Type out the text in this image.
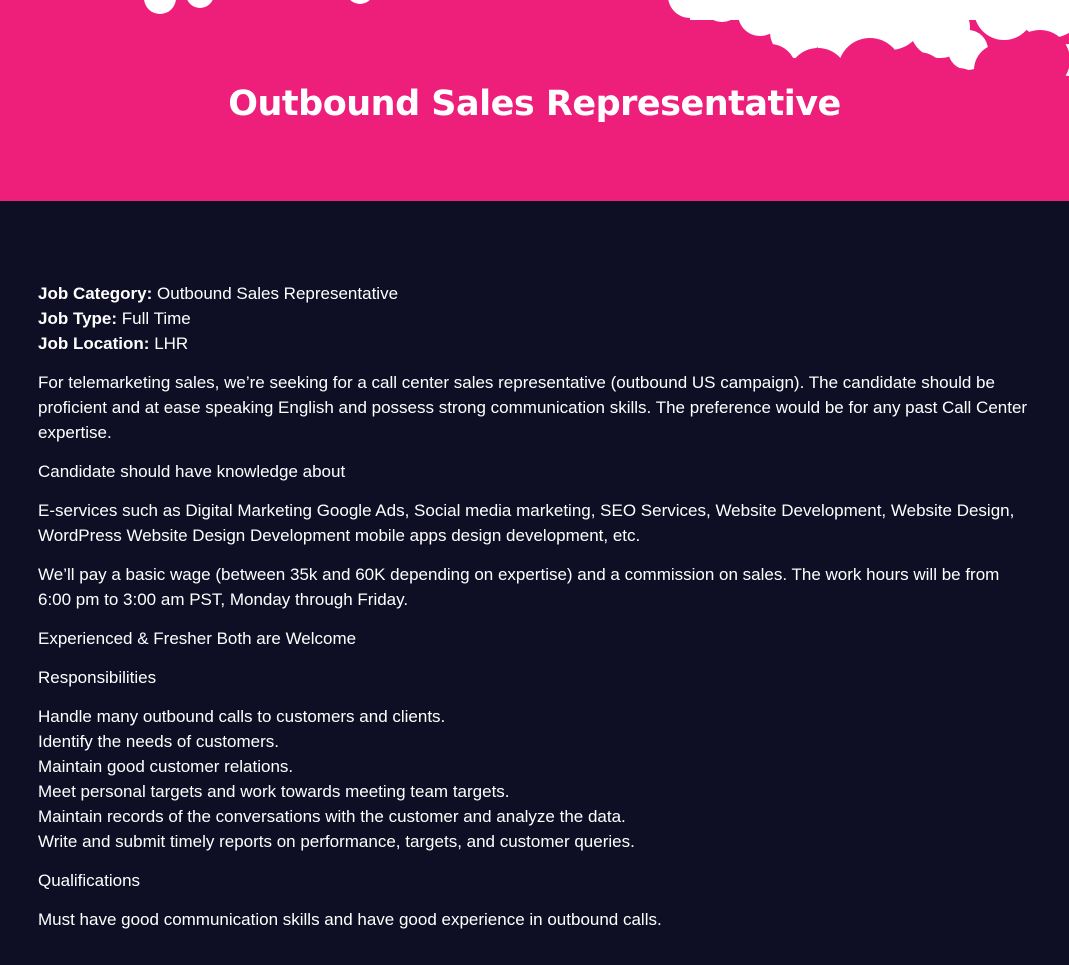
Outbound Sales Representative

Job Category: Outbound Sales Representative
Job Type: Full Time
Job Location: LHR

For telemarketing sales, we’re seeking for a call center sales representative (outbound US campaign). The candidate should be proficient and at ease speaking English and possess strong communication skills. The preference would be for any past Call Center expertise.

Candidate should have knowledge about

E-services such as Digital Marketing Google Ads, Social media marketing, SEO Services, Website Development, Website Design, WordPress Website Design Development mobile apps design development, etc.

We’ll pay a basic wage (between 35k and 60K depending on expertise) and a commission on sales. The work hours will be from 6:00 pm to 3:00 am PST, Monday through Friday.

Experienced & Fresher Both are Welcome

Responsibilities

Handle many outbound calls to customers and clients.
Identify the needs of customers.
Maintain good customer relations.
Meet personal targets and work towards meeting team targets.
Maintain records of the conversations with the customer and analyze the data.
Write and submit timely reports on performance, targets, and customer queries.

Qualifications

Must have good communication skills and have good experience in outbound calls.
